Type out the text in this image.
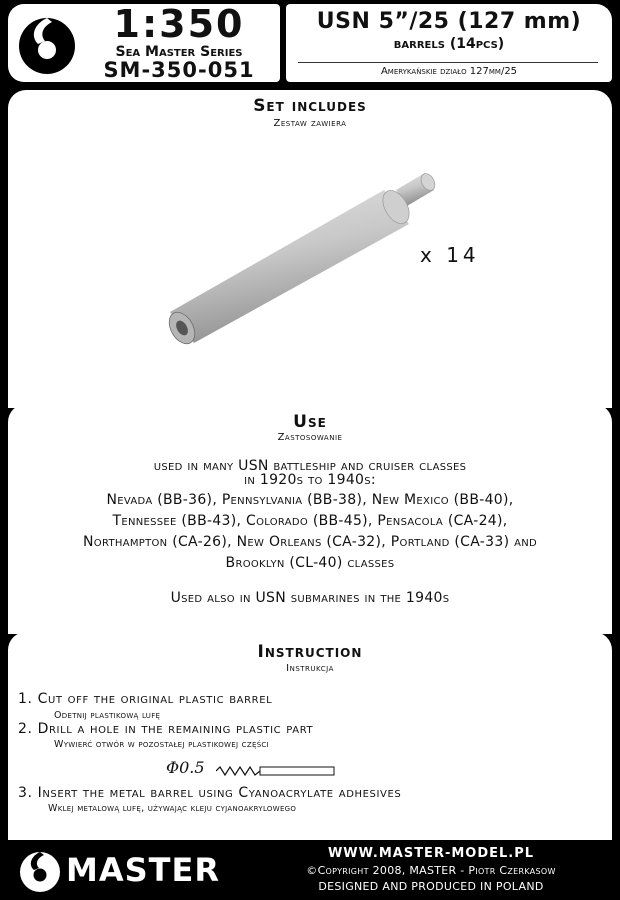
1:350
Sea Master Series
SM-350-051
USN 5”/25 (127 mm)
barrels (14pcs)
Amerykańskie działo 127mm/25
Set includes
Zestaw zawiera
x 14
Use
Zastosowanie
used in many USN battleship and cruiser classes
in 1920s to 1940s:
Nevada (BB-36), Pennsylvania (BB-38), New Mexico (BB-40),
Tennessee (BB-43), Colorado (BB-45), Pensacola (CA-24),
Northampton (CA-26), New Orleans (CA-32), Portland (CA-33) and
Brooklyn (CL-40) classes
Used also in USN submarines in the 1940s
Instruction
Instrukcja
1. Cut off the original plastic barrel
Odetnij plastikową lufę
2. Drill a hole in the remaining plastic part
Wywierć otwór w pozostałej plastikowej części
Φ0.5
3. Insert the metal barrel using Cyanoacrylate adhesives
Wklej metalową lufę, używając kleju cyjanoakrylowego
MASTER	WWW.MASTER-MODEL.PL
©Copyright 2008, MASTER - Piotr Czerkasow
DESIGNED AND PRODUCED IN POLAND
